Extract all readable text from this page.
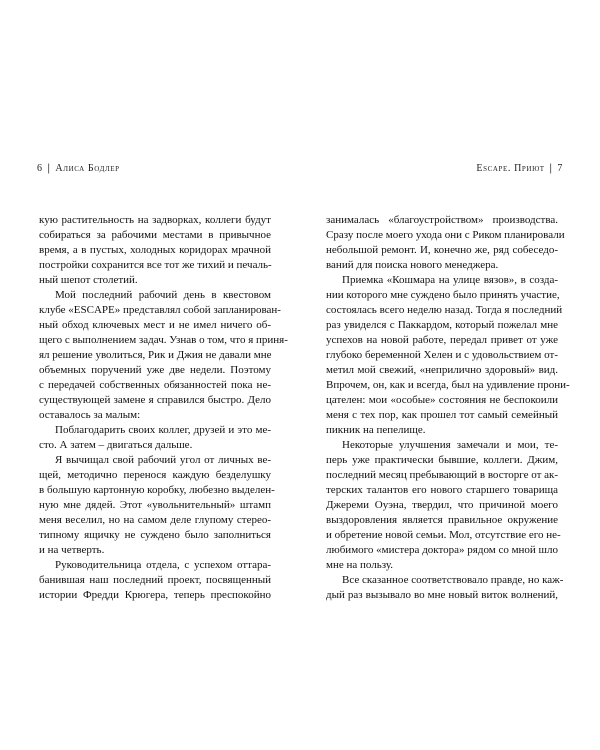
6 | Алиса Бодлер	Escape. Приют | 7
кую растительность на задворках, коллеги будут
собираться за рабочими местами в привычное
время, а в пустых, холодных коридорах мрачной
постройки сохранится все тот же тихий и печаль-
ный шепот столетий.
Мой последний рабочий день в квестовом
клубе «ESCAPE» представлял собой запланирован-
ный обход ключевых мест и не имел ничего об-
щего с выполнением задач. Узнав о том, что я приня-
ял решение уволиться, Рик и Джия не давали мне
объемных поручений уже две недели. Поэтому
с передачей собственных обязанностей пока не-
существующей замене я справился быстро. Дело
оставалось за малым:
Поблагодарить своих коллег, друзей и это ме-
сто. А затем – двигаться дальше.
Я вычищал свой рабочий угол от личных ве-
щей, методично перенося каждую безделушку
в большую картонную коробку, любезно выделен-
ную мне дядей. Этот «увольнительный» штамп
меня веселил, но на самом деле глупому стерео-
типному ящичку не суждено было заполниться
и на четверть.
Руководительница отдела, с успехом оттара-
банившая наш последний проект, посвященный
истории Фредди Крюгера, теперь преспокойно
занималась «благоустройством» производства.
Сразу после моего ухода они с Риком планировали
небольшой ремонт. И, конечно же, ряд собеседо-
ваний для поиска нового менеджера.
Приемка «Кошмара на улице вязов», в созда-
нии которого мне суждено было принять участие,
состоялась всего неделю назад. Тогда я последний
раз увиделся с Паккардом, который пожелал мне
успехов на новой работе, передал привет от уже
глубоко беременной Хелен и с удовольствием от-
метил мой свежий, «неприлично здоровый» вид.
Впрочем, он, как и всегда, был на удивление прони-
цателен: мои «особые» состояния не беспокоили
меня с тех пор, как прошел тот самый семейный
пикник на пепелище.
Некоторые улучшения замечали и мои, те-
перь уже практически бывшие, коллеги. Джим,
последний месяц пребывающий в восторге от ак-
терских талантов его нового старшего товарища
Джереми Оуэна, твердил, что причиной моего
выздоровления является правильное окружение
и обретение новой семьи. Мол, отсутствие его не-
любимого «мистера доктора» рядом со мной шло
мне на пользу.
Все сказанное соответствовало правде, но каж-
дый раз вызывало во мне новый виток волнений,
